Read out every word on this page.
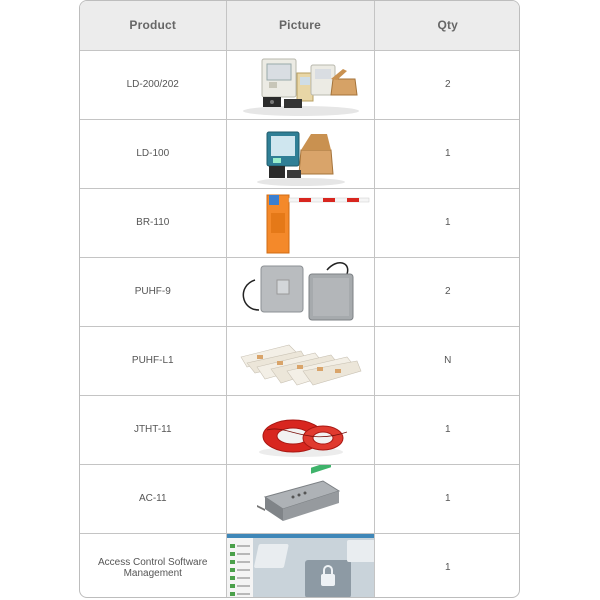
Product	Picture	Qty
LD-200/202		2
LD-100		1
BR-110		1
PUHF-9		2
PUHF-L1		N
JTHT-11		1
AC-11		1
Access Control Software Management		1
